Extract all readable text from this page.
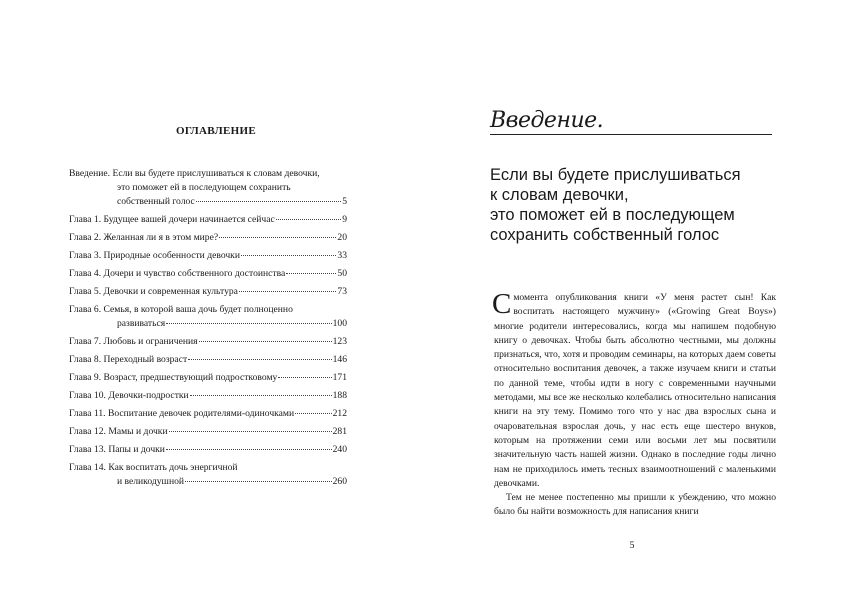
ОГЛАВЛЕНИЕ
Введение. Если вы будете прислушиваться к словам девочки,
это поможет ей в последующем сохранить
собственный голос	5
Глава 1. Будущее вашей дочери начинается сейчас	9
Глава 2. Желанная ли я в этом мире?	20
Глава 3. Природные особенности девочки	33
Глава 4. Дочери и чувство собственного достоинства	50
Глава 5. Девочки и современная культура	73
Глава 6. Семья, в которой ваша дочь будет полноценно
развиваться	100
Глава 7. Любовь и ограничения	123
Глава 8. Переходный возраст	146
Глава 9. Возраст, предшествующий подростковому	171
Глава 10. Девочки-подростки	188
Глава 11. Воспитание девочек родителями-одиночками	212
Глава 12. Мамы и дочки	281
Глава 13. Папы и дочки	240
Глава 14. Как воспитать дочь энергичной
и великодушной	260
Введение.
Если вы будете прислушиваться
к словам девочки,
это поможет ей в последующем
сохранить собственный голос

Смомента опубликования книги «У меня растет сын! Как воспитать настоящего мужчину» («Growing Great Boys») многие родители интересовались, когда мы напишем подобную книгу о девочках. Чтобы быть абсолютно честными, мы должны признаться, что, хотя и проводим семинары, на которых даем советы относительно воспитания девочек, а также изучаем книги и статьи по данной теме, чтобы идти в ногу с современными научными методами, мы все же несколько колебались относительно написания книги на эту тему. Помимо того что у нас два взрослых сына и очаровательная взрослая дочь, у нас есть еще шестеро внуков, которым на протяжении семи или восьми лет мы посвятили значительную часть нашей жизни. Однако в последние годы лично нам не приходилось иметь тесных взаимоотношений с маленькими девочками.

Тем не менее постепенно мы пришли к убеждению, что можно было бы найти возможность для написания книги

5
